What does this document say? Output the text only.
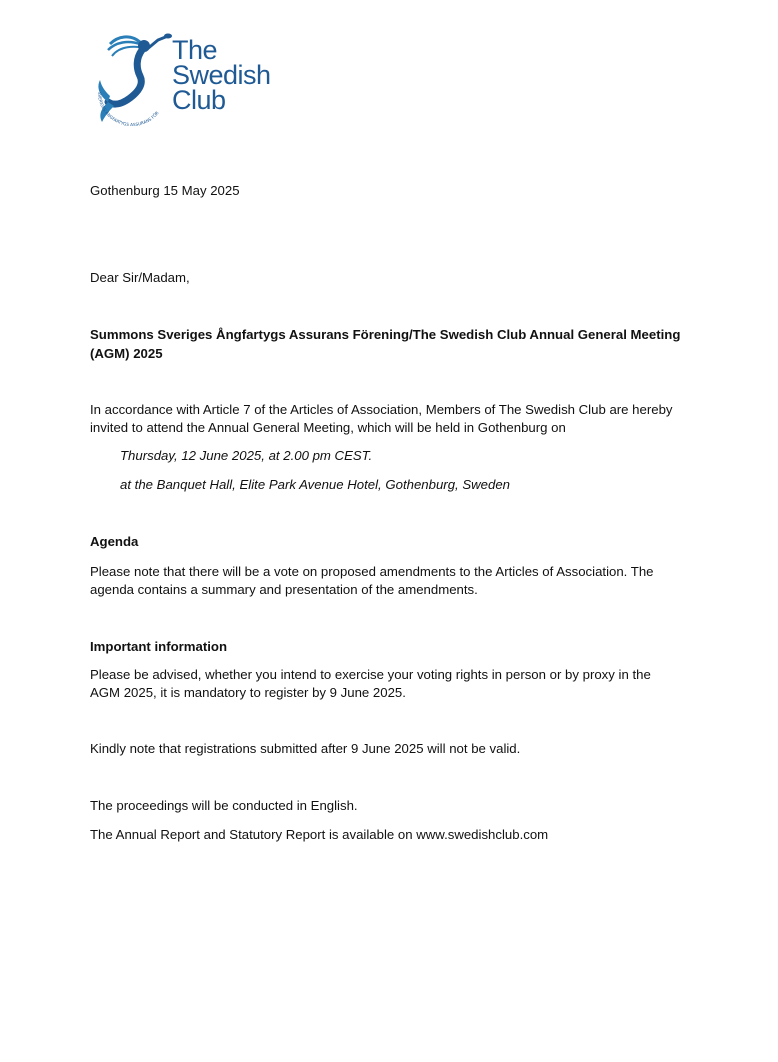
SVERIGES ÅNGFARTYGS ASSURANS FÖR
The
Swedish
Club
Gothenburg 15 May 2025
Dear Sir/Madam,
Summons Sveriges Ångfartygs Assurans Förening/The Swedish Club Annual General Meeting
(AGM) 2025
In accordance with Article 7 of the Articles of Association, Members of The Swedish Club are hereby
invited to attend the Annual General Meeting, which will be held in Gothenburg on
Thursday, 12 June 2025, at 2.00 pm CEST.
at the Banquet Hall, Elite Park Avenue Hotel, Gothenburg, Sweden
Agenda
Please note that there will be a vote on proposed amendments to the Articles of Association. The
agenda contains a summary and presentation of the amendments.
Important information
Please be advised, whether you intend to exercise your voting rights in person or by proxy in the
AGM 2025, it is mandatory to register by 9 June 2025.
Kindly note that registrations submitted after 9 June 2025 will not be valid.
The proceedings will be conducted in English.
The Annual Report and Statutory Report is available on www.swedishclub.com
